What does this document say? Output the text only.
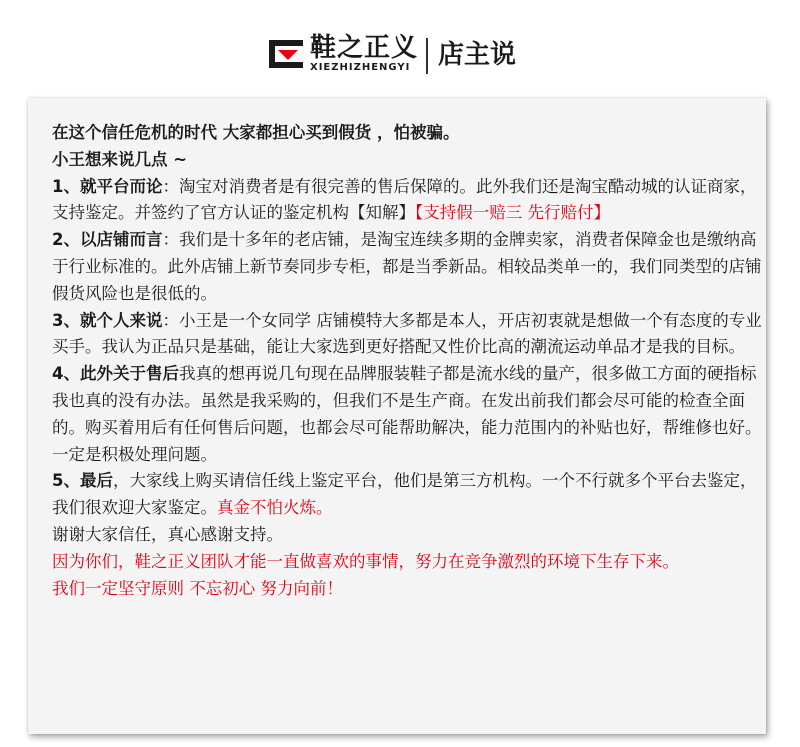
鞋之正义
XIEZHIZHENGYI 店主说

在这个信任危机的时代 大家都担心买到假货 ，怕被骗。

小王想来说几点 ~

1、就平台而论：淘宝对消费者是有很完善的售后保障的。此外我们还是淘宝酷动城的认证商家，支持鉴定。并签约了官方认证的鉴定机构【知解】【支持假一赔三 先行赔付】

2、以店铺而言：我们是十多年的老店铺，是淘宝连续多期的金牌卖家，消费者保障金也是缴纳高于行业标准的。此外店铺上新节奏同步专柜，都是当季新品。相较品类单一的，我们同类型的店铺假货风险也是很低的。

3、就个人来说：小王是一个女同学 店铺模特大多都是本人，开店初衷就是想做一个有态度的专业买手。我认为正品只是基础，能让大家选到更好搭配又性价比高的潮流运动单品才是我的目标。

4、此外关于售后我真的想再说几句现在品牌服装鞋子都是流水线的量产，很多做工方面的硬指标我也真的没有办法。虽然是我采购的，但我们不是生产商。在发出前我们都会尽可能的检查全面的。购买着用后有任何售后问题，也都会尽可能帮助解决，能力范围内的补贴也好，帮维修也好。一定是积极处理问题。

5、最后，大家线上购买请信任线上鉴定平台，他们是第三方机构。一个不行就多个平台去鉴定，我们很欢迎大家鉴定。真金不怕火炼。

谢谢大家信任，真心感谢支持。

因为你们，鞋之正义团队才能一直做喜欢的事情，努力在竞争激烈的环境下生存下来。

我们一定坚守原则 不忘初心 努力向前！
